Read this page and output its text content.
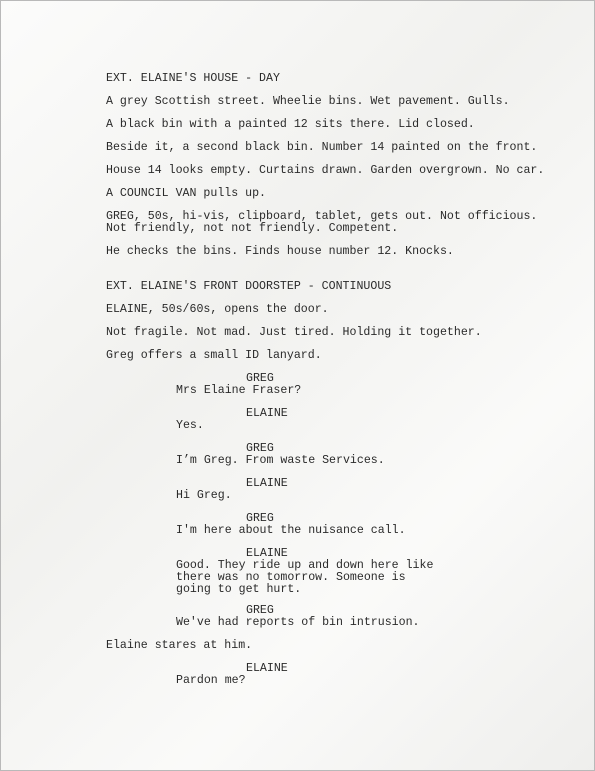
EXT. ELAINE'S HOUSE - DAY
A grey Scottish street. Wheelie bins. Wet pavement. Gulls.
A black bin with a painted 12 sits there. Lid closed.
Beside it, a second black bin. Number 14 painted on the front.
House 14 looks empty. Curtains drawn. Garden overgrown. No car.
A COUNCIL VAN pulls up.
GREG, 50s, hi-vis, clipboard, tablet, gets out. Not officious.
Not friendly, not not friendly. Competent.
He checks the bins. Finds house number 12. Knocks.
EXT. ELAINE'S FRONT DOORSTEP - CONTINUOUS
ELAINE, 50s/60s, opens the door.
Not fragile. Not mad. Just tired. Holding it together.
Greg offers a small ID lanyard.
GREG
Mrs Elaine Fraser?
ELAINE
Yes.
GREG
I’m Greg. From waste Services.
ELAINE
Hi Greg.
GREG
I'm here about the nuisance call.
ELAINE
Good. They ride up and down here like
there was no tomorrow. Someone is
going to get hurt.
GREG
We've had reports of bin intrusion.
Elaine stares at him.
ELAINE
Pardon me?
